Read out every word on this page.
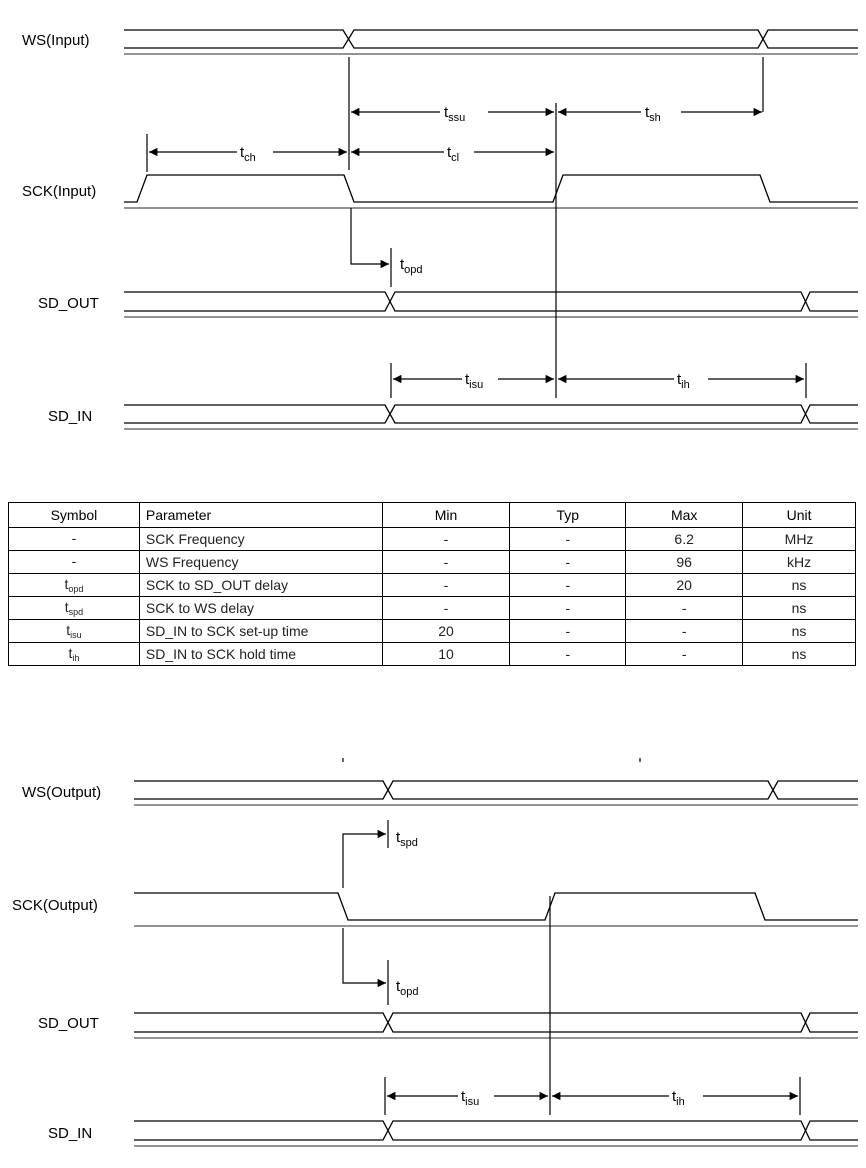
WS(Input)
SCK(Input)
SD_OUT
SD_IN
$t_{ssu}$	$t_{sh}$
$t_{ch}$	$t_{cl}$
$t_{opd}$
$t_{isu}$	$t_{ih}$
Symbol	Parameter	Min	Typ	Max	Unit
-	SCK Frequency	-	-	6.2	MHz
-	WS Frequency	-	-	96	kHz
$t_{opd}$	SCK to SD_OUT delay	-	-	20	ns
$t_{spd}$	SCK to WS delay	-	-	-	ns
$t_{isu}$	SD_IN to SCK set-up time	20	-	-	ns
$t_{ih}$	SD_IN to SCK hold time	10	-	-	ns
WS(Output)
SCK(Output)
SD_OUT
SD_IN
$t_{spd}$
$t_{opd}$
$t_{isu}$	$t_{ih}$
